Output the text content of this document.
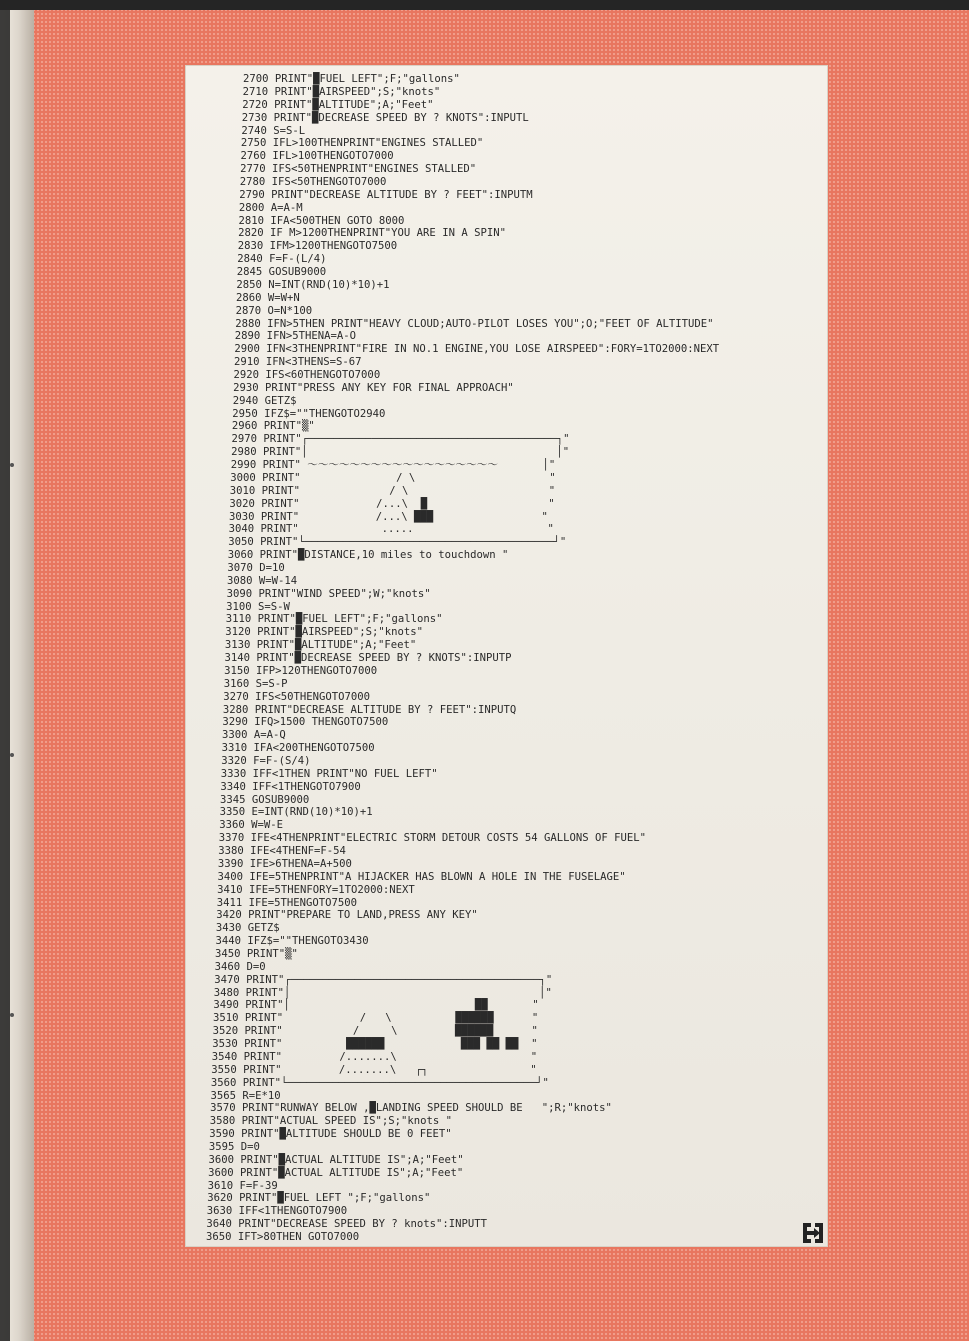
2700 PRINT"█FUEL LEFT";F;"gallons"
2710 PRINT"█AIRSPEED";S;"knots"
2720 PRINT"█ALTITUDE";A;"Feet"
2730 PRINT"█DECREASE SPEED BY ? KNOTS":INPUTL
2740 S=S-L
2750 IFL>100THENPRINT"ENGINES STALLED"
2760 IFL>100THENGOTO7000
2770 IFS<50THENPRINT"ENGINES STALLED"
2780 IFS<50THENGOTO7000
2790 PRINT"DECREASE ALTITUDE BY ? FEET":INPUTM
2800 A=A-M
2810 IFA<500THEN GOTO 8000
2820 IF M>1200THENPRINT"YOU ARE IN A SPIN"
2830 IFM>1200THENGOTO7500
2840 F=F-(L/4)
2845 GOSUB9000
2850 N=INT(RND(10)*10)+1
2860 W=W+N
2870 O=N*100
2880 IFN>5THEN PRINT"HEAVY CLOUD;AUTO-PILOT LOSES YOU";O;"FEET OF ALTITUDE"
2890 IFN>5THENA=A-O
2900 IFN<3THENPRINT"FIRE IN NO.1 ENGINE,YOU LOSE AIRSPEED":FORY=1TO2000:NEXT
2910 IFN<3THENS=S-67
2920 IFS<60THENGOTO7000
2930 PRINT"PRESS ANY KEY FOR FINAL APPROACH"
2940 GETZ$
2950 IFZ$=""THENGOTO2940
2960 PRINT"▒"
2970 PRINT"┌───────────────────────────────────────┐"
2980 PRINT"│                                       │"
2990 PRINT" 〜〜〜〜〜〜〜〜〜〜〜〜〜〜〜〜〜〜       │"
3000 PRINT"               / \                     "
3010 PRINT"              / \                      "
3020 PRINT"            /...\  █                   "
3030 PRINT"            /...\ ███                 "
3040 PRINT"             .....                     "
3050 PRINT"└───────────────────────────────────────┘"
3060 PRINT"█DISTANCE,10 miles to touchdown "
3070 D=10
3080 W=W-14
3090 PRINT"WIND SPEED";W;"knots"
3100 S=S-W
3110 PRINT"█FUEL LEFT";F;"gallons"
3120 PRINT"█AIRSPEED";S;"knots"
3130 PRINT"█ALTITUDE";A;"Feet"
3140 PRINT"█DECREASE SPEED BY ? KNOTS":INPUTP
3150 IFP>120THENGOTO7000
3160 S=S-P
3270 IFS<50THENGOTO7000
3280 PRINT"DECREASE ALTITUDE BY ? FEET":INPUTQ
3290 IFQ>1500 THENGOTO7500
3300 A=A-Q
3310 IFA<200THENGOTO7500
3320 F=F-(S/4)
3330 IFF<1THEN PRINT"NO FUEL LEFT"
3340 IFF<1THENGOTO7900
3345 GOSUB9000
3350 E=INT(RND(10)*10)+1
3360 W=W-E
3370 IFE<4THENPRINT"ELECTRIC STORM DETOUR COSTS 54 GALLONS OF FUEL"
3380 IFE<4THENF=F-54
3390 IFE>6THENA=A+500
3400 IFE=5THENPRINT"A HIJACKER HAS BLOWN A HOLE IN THE FUSELAGE"
3410 IFE=5THENFORY=1TO2000:NEXT
3411 IFE=5THENGOTO7500
3420 PRINT"PREPARE TO LAND,PRESS ANY KEY"
3430 GETZ$
3440 IFZ$=""THENGOTO3430
3450 PRINT"▒"
3460 D=0
3470 PRINT"┌───────────────────────────────────────┐"
3480 PRINT"│                                       │"
3490 PRINT"│                             ██       "
3510 PRINT"            /   \          ██████      "
3520 PRINT"           /     \         ██████      "
3530 PRINT"          ██████            ███ ██ ██  "
3540 PRINT"         /.......\                     "
3550 PRINT"         /.......\   ┌┐                "
3560 PRINT"└───────────────────────────────────────┘"
3565 R=E*10
3570 PRINT"RUNWAY BELOW ,█LANDING SPEED SHOULD BE   ";R;"knots"
3580 PRINT"ACTUAL SPEED IS";S;"knots "
3590 PRINT"█ALTITUDE SHOULD BE 0 FEET"
3595 D=0
3600 PRINT"█ACTUAL ALTITUDE IS";A;"Feet"
3600 PRINT"█ACTUAL ALTITUDE IS";A;"Feet"
3610 F=F-39
3620 PRINT"█FUEL LEFT ";F;"gallons"
3630 IFF<1THENGOTO7900
3640 PRINT"DECREASE SPEED BY ? knots":INPUTT
3650 IFT>80THEN GOTO7000
